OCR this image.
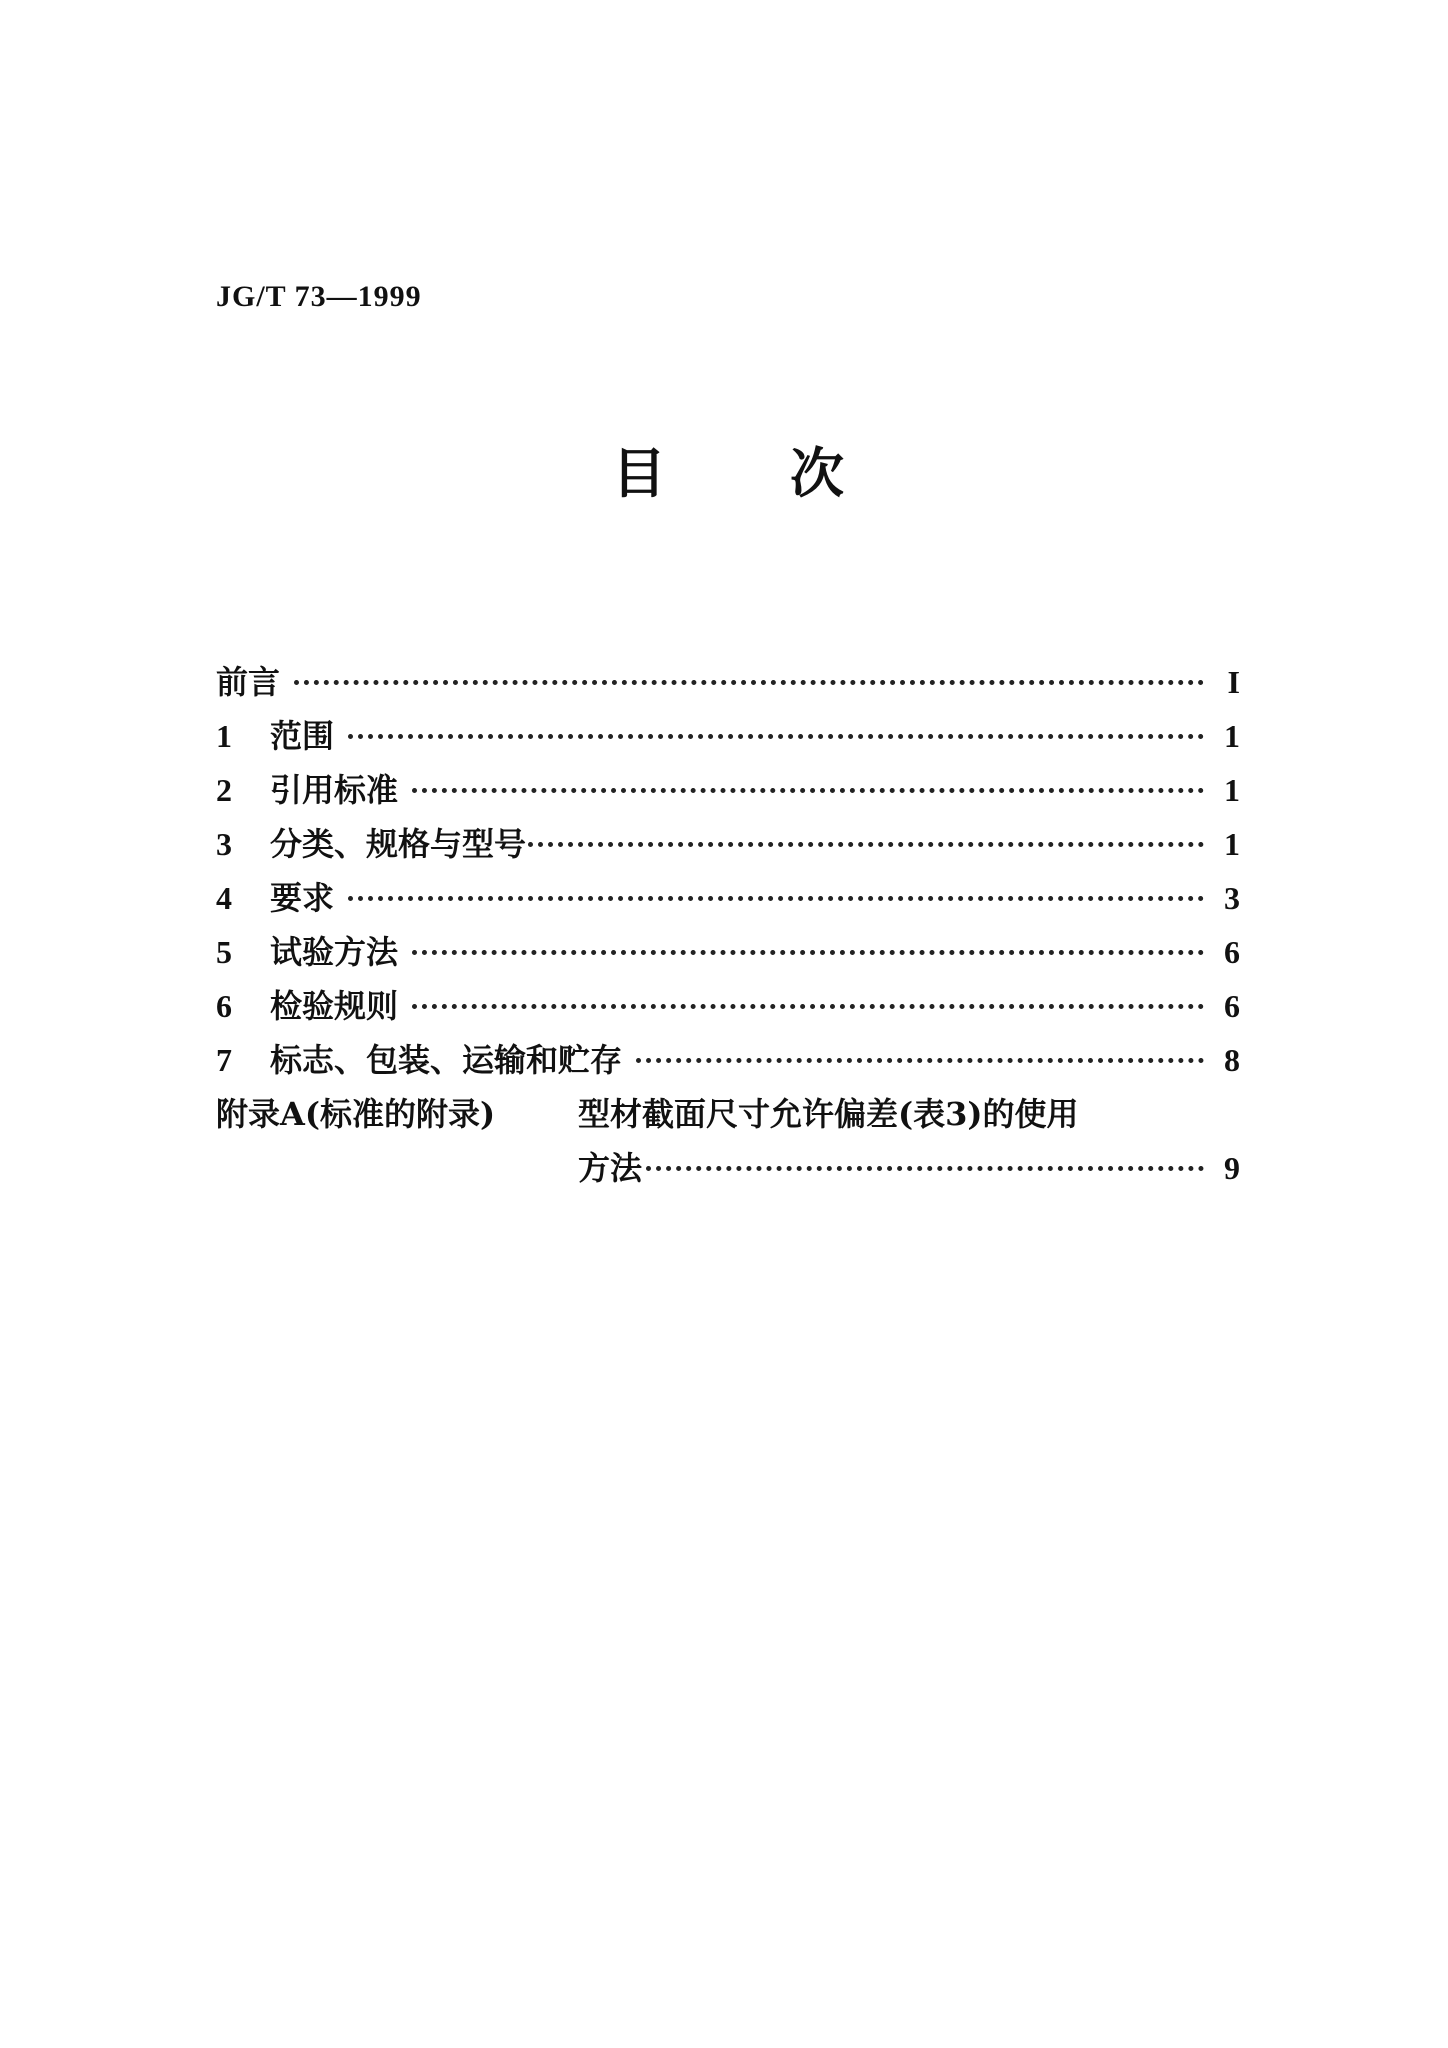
JG/T 73—1999
目 次
前言	I
1	范围	1
2	引用标准	1
3	分类、规格与型号	1
4	要求	3
5	试验方法	6
6	检验规则	6
7	标志、包装、运输和贮存	8
附录A(标准的附录)	型材截面尺寸允许偏差(表3)的使用
方法	9
